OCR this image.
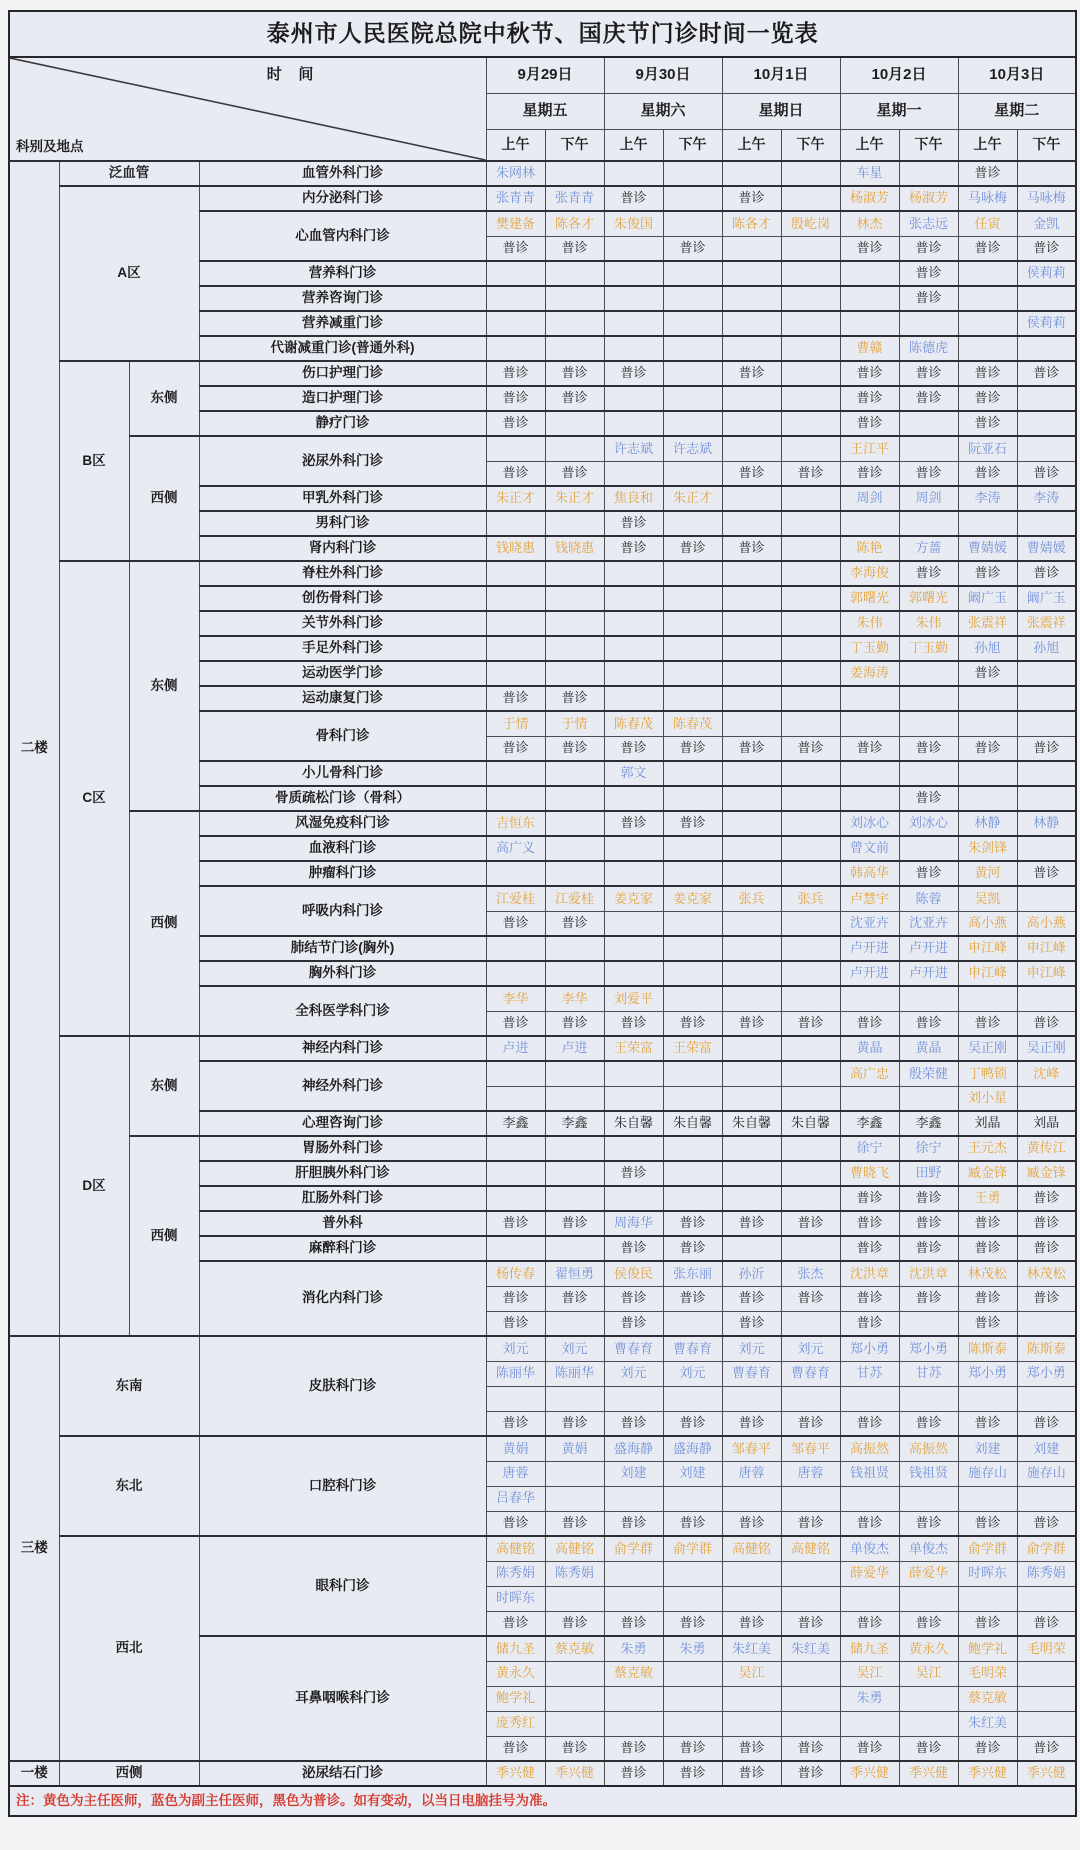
泰州市人民医院总院中秋节、国庆节门诊时间一览表													

时    间
科别及地点				9月29日		9月30日		10月1日		10月2日		10月3日	
				星期五		星期六		星期日		星期一		星期二	
				上午	下午	上午	下午	上午	下午	上午	下午	上午	下午
二楼	泛血管		血管外科门诊	朱网林						车星		普诊	
	A区		内分泌科门诊	张青青	张青青	普诊		普诊		杨淑芳	杨淑芳	马咏梅	马咏梅
			心血管内科门诊	樊建备	陈各才	朱俊国		陈各才	殷屹岗	林杰	张志远	任寅	金凯
				普诊	普诊		普诊			普诊	普诊	普诊	普诊
			营养科门诊								普诊		侯莉莉
			营养咨询门诊								普诊		
			营养减重门诊										侯莉莉
			代谢减重门诊(普通外科)							曹赣	陈德虎		
	B区	东侧	伤口护理门诊	普诊	普诊	普诊		普诊		普诊	普诊	普诊	普诊
			造口护理门诊	普诊	普诊					普诊	普诊	普诊	
			静疗门诊	普诊						普诊		普诊	
		西侧	泌尿外科门诊			许志斌	许志斌			王江平		阮亚石	
				普诊	普诊			普诊	普诊	普诊	普诊	普诊	普诊
			甲乳外科门诊	朱正才	朱正才	焦良和	朱正才			周剑	周剑	李涛	李涛
			男科门诊			普诊							
			肾内科门诊	钱晓惠	钱晓惠	普诊	普诊	普诊		陈艳	方蔷	曹婧媛	曹婧媛
	C区	东侧	脊柱外科门诊							李海俊	普诊	普诊	普诊
			创伤骨科门诊							郭曙光	郭曙光	阚广玉	阚广玉
			关节外科门诊							朱伟	朱伟	张震祥	张震祥
			手足外科门诊							丁玉勤	丁玉勤	孙旭	孙旭
			运动医学门诊							姜海涛		普诊	
			运动康复门诊	普诊	普诊								
			骨科门诊	于情	于情	陈春茂	陈春茂						
				普诊	普诊	普诊	普诊	普诊	普诊	普诊	普诊	普诊	普诊
			小儿骨科门诊			郭文							
			骨质疏松门诊（骨科）								普诊		
		西侧	风湿免疫科门诊	吉恒东		普诊	普诊			刘冰心	刘冰心	林静	林静
			血液科门诊	高广义						曾文前		朱剑锋	
			肿瘤科门诊							韩高华	普诊	黄河	普诊
			呼吸内科门诊	江爱桂	江爱桂	姜克家	姜克家	张兵	张兵	卢慧宇	陈蓉	吴凯	
				普诊	普诊					沈亚卉	沈亚卉	高小燕	高小燕
			肺结节门诊(胸外)							卢开进	卢开进	申江峰	申江峰
			胸外科门诊							卢开进	卢开进	申江峰	申江峰
			全科医学科门诊	李华	李华	刘爱平							
				普诊	普诊	普诊	普诊	普诊	普诊	普诊	普诊	普诊	普诊
	D区	东侧	神经内科门诊	卢进	卢进	王荣富	王荣富			黄晶	黄晶	吴正刚	吴正刚
			神经外科门诊							高广忠	殷荣健	丁鸭锁	沈峰
												刘小星	
			心理咨询门诊	李鑫	李鑫	朱自馨	朱自馨	朱自馨	朱自馨	李鑫	李鑫	刘晶	刘晶
		西侧	胃肠外科门诊							徐宁	徐宁	王元杰	黄传江
			肝胆胰外科门诊			普诊				曹晓飞	田野	臧金锋	臧金锋
			肛肠外科门诊							普诊	普诊	王勇	普诊
			普外科	普诊	普诊	周海华	普诊	普诊	普诊	普诊	普诊	普诊	普诊
			麻醉科门诊			普诊	普诊			普诊	普诊	普诊	普诊
			消化内科门诊	杨传春	翟恒勇	侯俊民	张东丽	孙沂	张杰	沈洪章	沈洪章	林茂松	林茂松
				普诊	普诊	普诊	普诊	普诊	普诊	普诊	普诊	普诊	普诊
				普诊		普诊		普诊		普诊		普诊	
三楼	东南		皮肤科门诊	刘元	刘元	曹春育	曹春育	刘元	刘元	郑小勇	郑小勇	陈斯泰	陈斯泰
				陈丽华	陈丽华	刘元	刘元	曹春育	曹春育	甘苏	甘苏	郑小勇	郑小勇

				普诊	普诊	普诊	普诊	普诊	普诊	普诊	普诊	普诊	普诊
	东北		口腔科门诊	黄娟	黄娟	盛海静	盛海静	邹春平	邹春平	高振然	高振然	刘建	刘建
				唐蓉		刘建	刘建	唐蓉	唐蓉	钱祖贤	钱祖贤	施存山	施存山
				吕春华									
				普诊	普诊	普诊	普诊	普诊	普诊	普诊	普诊	普诊	普诊
	西北		眼科门诊	高健铭	高健铭	俞学群	俞学群	高健铭	高健铭	单俊杰	单俊杰	俞学群	俞学群
				陈秀娟	陈秀娟					薛爱华	薛爱华	时晖东	陈秀娟
				时晖东									
				普诊	普诊	普诊	普诊	普诊	普诊	普诊	普诊	普诊	普诊
			耳鼻咽喉科门诊	储九圣	蔡克敏	朱勇	朱勇	朱红美	朱红美	储九圣	黄永久	鲍学礼	毛明荣
				黄永久		蔡克敏		吴江		吴江	吴江	毛明荣	
				鲍学礼						朱勇		蔡克敏	
				庞秀红								朱红美	
				普诊	普诊	普诊	普诊	普诊	普诊	普诊	普诊	普诊	普诊
一楼	西侧		泌尿结石门诊	季兴健	季兴健	普诊	普诊	普诊	普诊	季兴健	季兴健	季兴健	季兴健
注：黄色为主任医师，蓝色为副主任医师，黑色为普诊。如有变动，以当日电脑挂号为准。													
